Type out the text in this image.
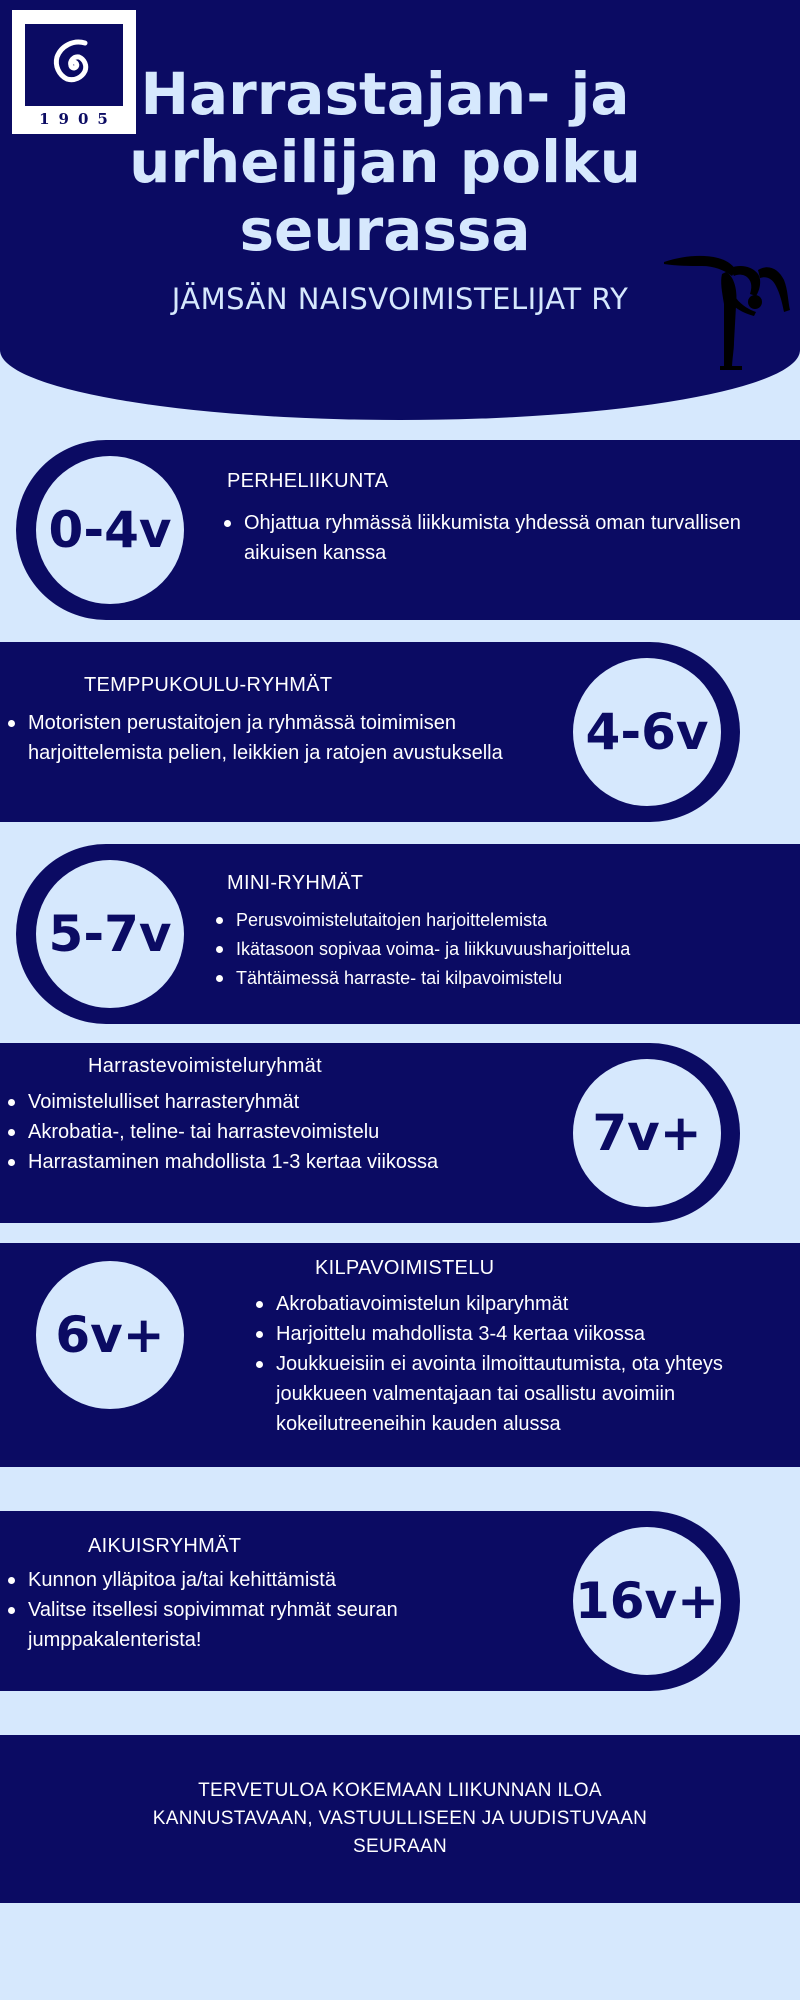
1905 Harrastajan- ja urheilijan polku seurassa
JÄMSÄN NAISVOIMISTELIJAT RY
0-4v
PERHELIIKUNTA
Ohjattua ryhmässä liikkumista yhdessä oman turvallisen aikuisen kanssa
TEMPPUKOULU-RYHMÄT
Motoristen perustaitojen ja ryhmässä toimimisen harjoittelemista pelien, leikkien ja ratojen avustuksella 4-6v
5-7v
MINI-RYHMÄT
Perusvoimistelutaitojen harjoittelemista
Ikätasoon sopivaa voima- ja liikkuvuusharjoittelua
Tähtäimessä harraste- tai kilpavoimistelu
Harrastevoimisteluryhmät
Voimistelulliset harrasteryhmät
Akrobatia-, teline- tai harrastevoimistelu
Harrastaminen mahdollista 1-3 kertaa viikossa	7v+
6v+
KILPAVOIMISTELU
Akrobatiavoimistelun kilparyhmät
Harjoittelu mahdollista 3-4 kertaa viikossa
Joukkueisiin ei avointa ilmoittautumista, ota yhteys joukkueen valmentajaan tai osallistu avoimiin kokeilutreeneihin kauden alussa
AIKUISRYHMÄT
Kunnon ylläpitoa ja/tai kehittämistä
Valitse itsellesi sopivimmat ryhmät seuran jumppakalenterista!
16v+
TERVETULOA KOKEMAAN LIIKUNNAN ILOA KANNUSTAVAAN, VASTUULLISEEN JA UUDISTUVAAN SEURAAN
